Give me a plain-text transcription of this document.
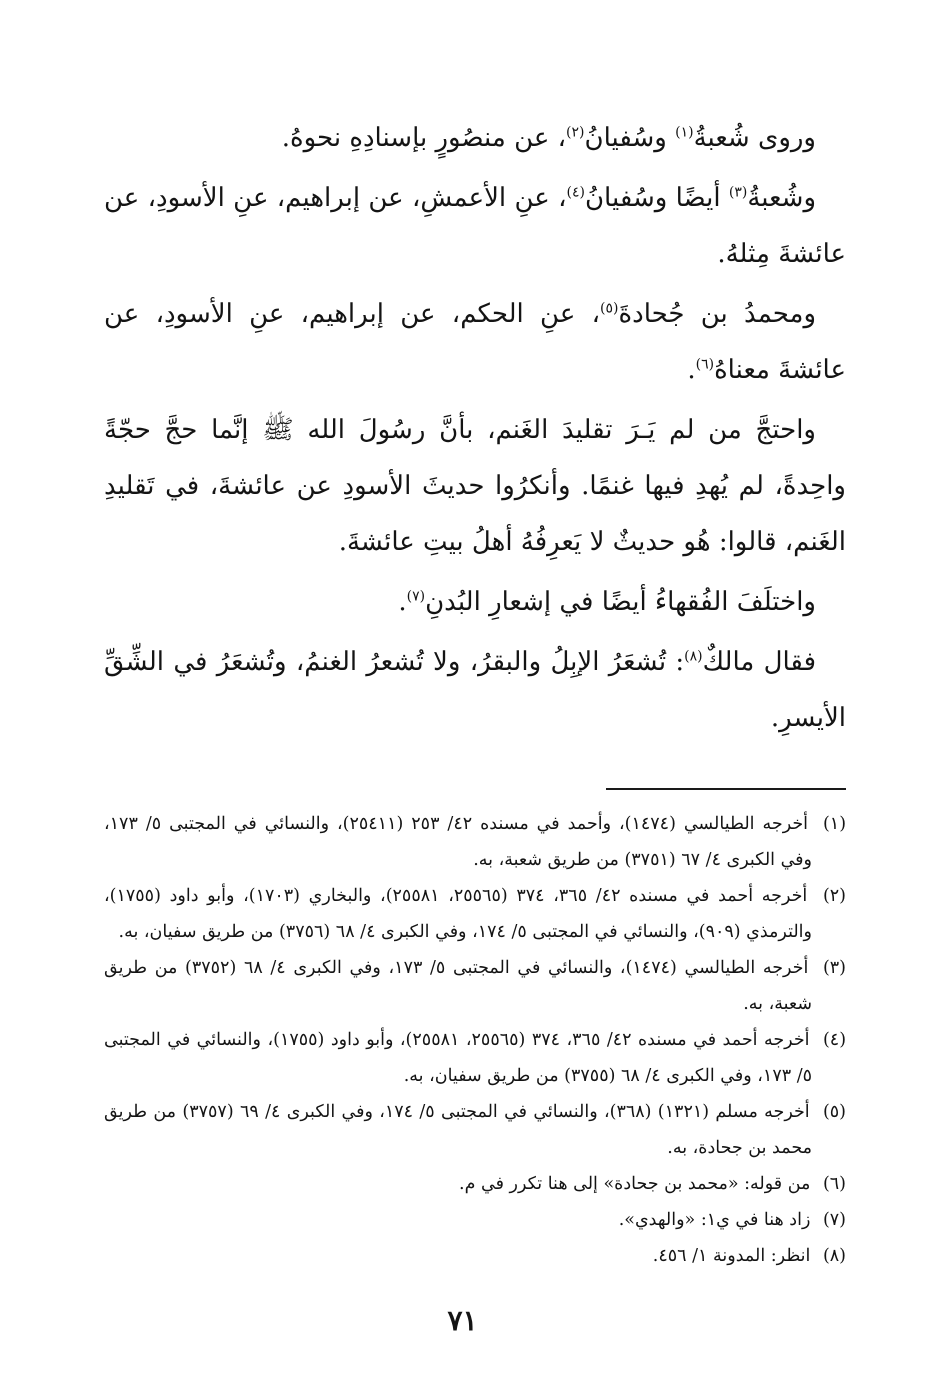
وروى شُعبةُ$^{(١)}$ وسُفيانُ$^{(٢)}$، عن منصُورٍ بإسنادِهِ نحوهُ.

وشُعبةُ$^{(٣)}$ أيضًا وسُفيانُ$^{(٤)}$، عنِ الأعمشِ، عن إبراهيم، عنِ الأسودِ، عن عائشةَ مِثلهُ.

ومحمدُ بن جُحادةَ$^{(٥)}$، عنِ الحكم، عن إبراهيم، عنِ الأسودِ، عن عائشةَ معناهُ$^{(٦)}$.

واحتجَّ من لم يَـرَ تقليدَ الغَنم، بأنَّ رسُولَ الله ﷺ إنَّما حجَّ حجّةً واحِدةً، لم يُهدِ فيها غنمًا. وأنكرُوا حديثَ الأسودِ عن عائشةَ، في تَقليدِ الغَنم، قالوا: هُو حديثٌ لا يَعرِفُهُ أهلُ بيتِ عائشةَ.

واختلَفَ الفُقهاءُ أيضًا في إشعارِ البُدنِ$^{(٧)}$.

فقال مالكٌ$^{(٨)}$: تُشعَرُ الإبِلُ والبقرُ، ولا تُشعرُ الغنمُ، وتُشعَرُ في الشِّقِّ الأيسرِ.

(١) أخرجه الطيالسي (١٤٧٤)، وأحمد في مسنده ٤٢/ ٢٥٣ (٢٥٤١١)، والنسائي في المجتبى ٥/ ١٧٣، وفي الكبرى ٤/ ٦٧ (٣٧٥١) من طريق شعبة، به.

(٢) أخرجه أحمد في مسنده ٤٢/ ٣٦٥، ٣٧٤ (٢٥٥٦٥، ٢٥٥٨١)، والبخاري (١٧٠٣)، وأبو داود (١٧٥٥)، والترمذي (٩٠٩)، والنسائي في المجتبى ٥/ ١٧٤، وفي الكبرى ٤/ ٦٨ (٣٧٥٦) من طريق سفيان، به.

(٣) أخرجه الطيالسي (١٤٧٤)، والنسائي في المجتبى ٥/ ١٧٣، وفي الكبرى ٤/ ٦٨ (٣٧٥٢) من طريق شعبة، به.

(٤) أخرجه أحمد في مسنده ٤٢/ ٣٦٥، ٣٧٤ (٢٥٥٦٥، ٢٥٥٨١)، وأبو داود (١٧٥٥)، والنسائي في المجتبى ٥/ ١٧٣، وفي الكبرى ٤/ ٦٨ (٣٧٥٥) من طريق سفيان، به.

(٥) أخرجه مسلم (١٣٢١) (٣٦٨)، والنسائي في المجتبى ٥/ ١٧٤، وفي الكبرى ٤/ ٦٩ (٣٧٥٧) من طريق محمد بن جحادة، به.

(٦) من قوله: «محمد بن جحادة» إلى هنا تكرر في م.

(٧) زاد هنا في ي١: «والهدي».

(٨) انظر: المدونة ١/ ٤٥٦.

٧١
